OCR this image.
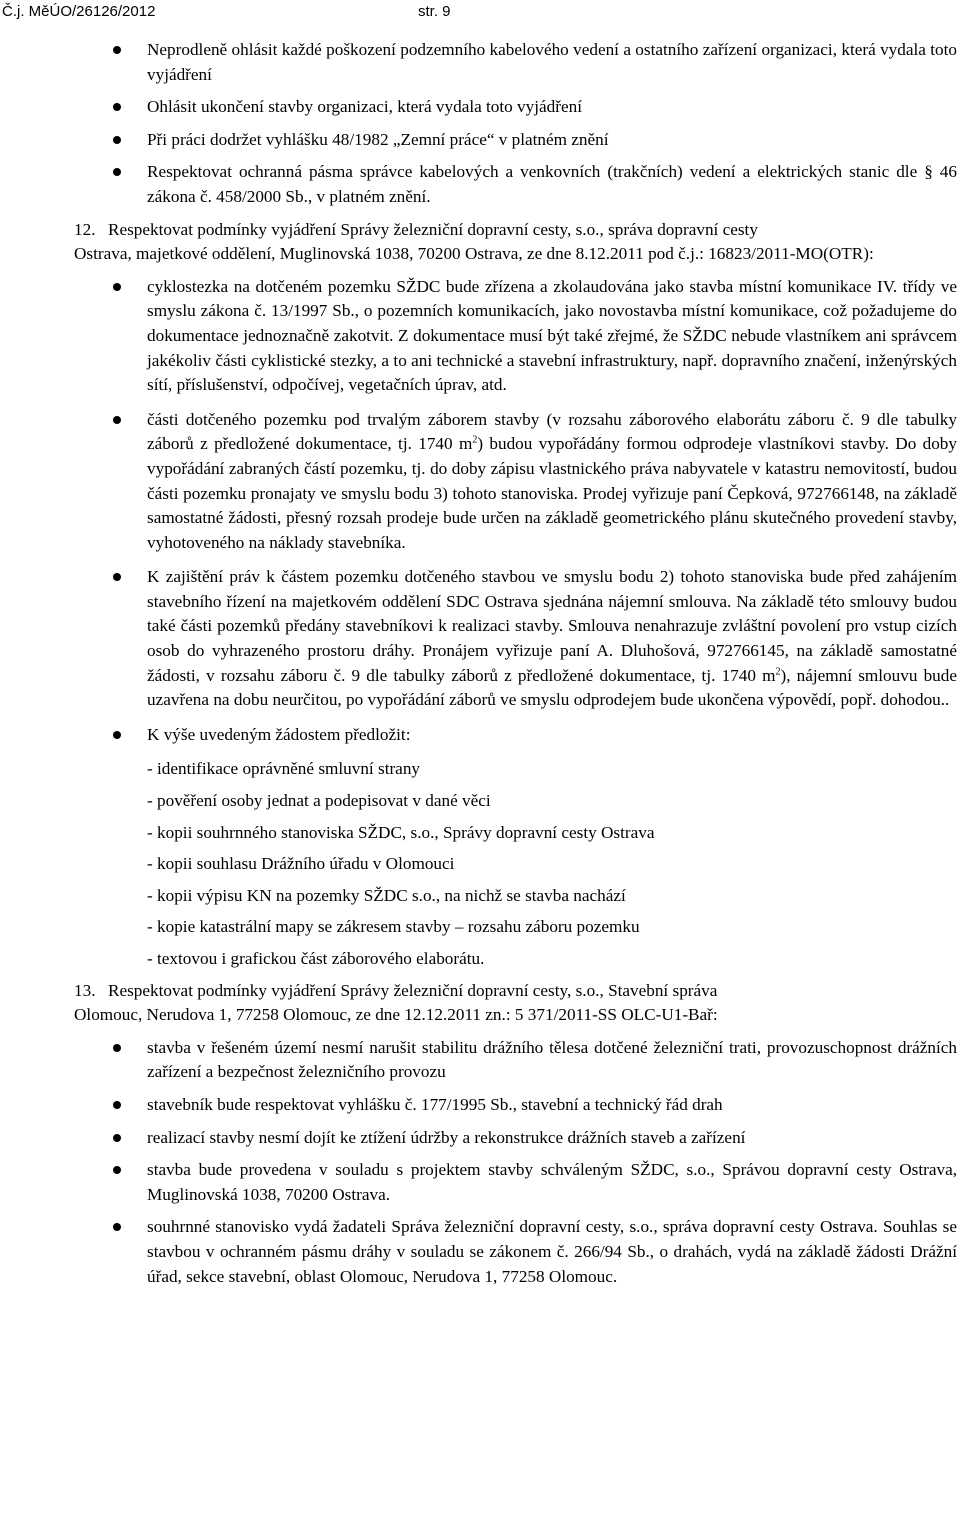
Č.j. MěÚO/26126/2012	str. 9
Neprodleně ohlásit každé poškození podzemního kabelového vedení a ostatního zařízení organizaci, která vydala toto vyjádření
Ohlásit ukončení stavby organizaci, která vydala toto vyjádření
Při práci dodržet vyhlášku 48/1982 „Zemní práce“ v platném znění
Respektovat ochranná pásma správce kabelových a venkovních (trakčních) vedení a elektrických stanic dle § 46 zákona č. 458/2000 Sb., v platném znění.
12. Respektovat podmínky vyjádření Správy železniční dopravní cesty, s.o., správa dopravní cesty
Ostrava, majetkové oddělení, Muglinovská 1038, 70200 Ostrava, ze dne 8.12.2011 pod č.j.: 16823/2011-MO(OTR):
cyklostezka na dotčeném pozemku SŽDC bude zřízena a zkolaudována jako stavba místní komunikace IV. třídy ve smyslu zákona č. 13/1997 Sb., o pozemních komunikacích, jako novostavba místní komunikace, což požadujeme do dokumentace jednoznačně zakotvit. Z dokumentace musí být také zřejmé, že SŽDC nebude vlastníkem ani správcem jakékoliv části cyklistické stezky, a to ani technické a stavební infrastruktury, např. dopravního značení, inženýrských sítí, příslušenství, odpočívej, vegetačních úprav, atd.
části dotčeného pozemku pod trvalým záborem stavby (v rozsahu záborového elaborátu záboru č. 9 dle tabulky záborů z předložené dokumentace, tj. 1740 $m^2$) budou vypořádány formou odprodeje vlastníkovi stavby. Do doby vypořádání zabraných částí pozemku, tj. do doby zápisu vlastnického práva nabyvatele v katastru nemovitostí, budou části pozemku pronajaty ve smyslu bodu 3) tohoto stanoviska. Prodej vyřizuje paní Čepková, 972766148, na základě samostatné žádosti, přesný rozsah prodeje bude určen na základě geometrického plánu skutečného provedení stavby, vyhotoveného na náklady stavebníka.
K zajištění práv k částem pozemku dotčeného stavbou ve smyslu bodu 2) tohoto stanoviska bude před zahájením stavebního řízení na majetkovém oddělení SDC Ostrava sjednána nájemní smlouva. Na základě této smlouvy budou také části pozemků předány stavebníkovi k realizaci stavby. Smlouva nenahrazuje zvláštní povolení pro vstup cizích osob do vyhrazeného prostoru dráhy. Pronájem vyřizuje paní A. Dluhošová, 972766145, na základě samostatné žádosti, v rozsahu záboru č. 9 dle tabulky záborů z předložené dokumentace, tj. 1740 $m^2$), nájemní smlouvu bude uzavřena na dobu neurčitou, po vypořádání záborů ve smyslu odprodejem bude ukončena výpovědí, popř. dohodou..
K výše uvedeným žádostem předložit:
- identifikace oprávněné smluvní strany
- pověření osoby jednat a podepisovat v dané věci
- kopii souhrnného stanoviska SŽDC, s.o., Správy dopravní cesty Ostrava
- kopii souhlasu Drážního úřadu v Olomouci
- kopii výpisu KN na pozemky SŽDC s.o., na nichž se stavba nachází
- kopie katastrální mapy se zákresem stavby – rozsahu záboru pozemku
- textovou i grafickou část záborového elaborátu.
13. Respektovat podmínky vyjádření Správy železniční dopravní cesty, s.o., Stavební správa
Olomouc, Nerudova 1, 77258 Olomouc, ze dne 12.12.2011 zn.: 5 371/2011-SS OLC-U1-Bař:
stavba v řešeném území nesmí narušit stabilitu drážního tělesa dotčené železniční trati, provozuschopnost drážních zařízení a bezpečnost železničního provozu
stavebník bude respektovat vyhlášku č. 177/1995 Sb., stavební a technický řád drah
realizací stavby nesmí dojít ke ztížení údržby a rekonstrukce drážních staveb a zařízení
stavba bude provedena v souladu s projektem stavby schváleným SŽDC, s.o., Správou dopravní cesty Ostrava, Muglinovská 1038, 70200 Ostrava.
souhrnné stanovisko vydá žadateli Správa železniční dopravní cesty, s.o., správa dopravní cesty Ostrava. Souhlas se stavbou v ochranném pásmu dráhy v souladu se zákonem č. 266/94 Sb., o drahách, vydá na základě žádosti Drážní úřad, sekce stavební, oblast Olomouc, Nerudova 1, 77258 Olomouc.
